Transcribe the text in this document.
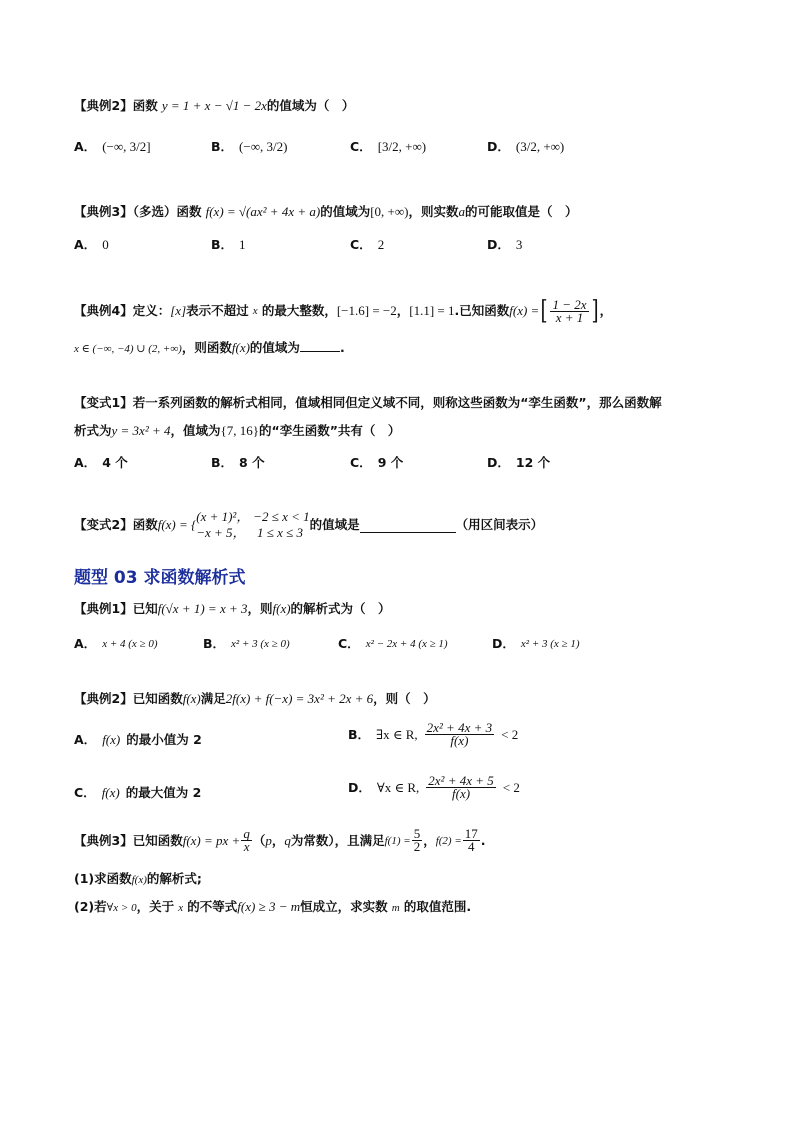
【典例2】函数 y = 1 + x − √1 − 2x的值域为（　）
A． (−∞, 3/2]	B． (−∞, 3/2)	C． [3/2, +∞)	D． (3/2, +∞)
【典例3】（多选）函数 f(x) = √(ax² + 4x + a)的值域为[0, +∞)，则实数a的可能取值是（　）
A． 0	B． 1	C． 2	D． 3
【典例4】 定义： [x] 表示不超过
x
的最大整数， [−1.6] = −2 ， [1.1] = 1 .已知函数 f(x) = [ $\frac{1 - 2x}{x + 1}$ ] ，
x ∈ (−∞, −4) ∪ (2, +∞)，则函数f(x)的值域为	.
【变式1】若一系列函数的解析式相同，值域相同但定义域不同，则称这些函数为“孪生函数”，那么函数解
析式为y = 3x² + 4，值域为{7, 16}的“孪生函数”共有（　）
A． 4 个	B． 8 个	C． 9 个	D． 12 个
【变式2】 函数 f(x) = {
(x + 1)²， −2 ≤ x < 1
−x + 5， 1 ≤ x ≤ 3
的值域是	（用区间表示）
题型 03 求函数解析式
【典例1】已知f(√x + 1) = x + 3，则f(x)的解析式为（　）
A． x + 4 (x ≥ 0)	B． x² + 3 (x ≥ 0)	C． x² − 2x + 4 (x ≥ 1)	D． x² + 3 (x ≥ 1)
【典例2】已知函数f(x)满足2f(x) + f(−x) = 3x² + 2x + 6，则（　）
A． f(x) 的最小值为 2	B． ∃x ∈ R, $\frac{\text{2x² + 4x + 3}}{f(x)} < 2$
C． f(x) 的最大值为 2	D． ∀x ∈ R, $\frac{\text{2x² + 4x + 5}}{f(x)} < 2$
【典例3】 已知函数 f(x) = px + $\frac{q}{x}$ （ p ， q 为常数），且满足 $f(1) = \frac{5}{2}$ ， $f(2) = \frac{17}{4}$ .
(1)求函数f(x)的解析式;
(2)若∀x > 0，关于 x 的不等式f(x) ≥ 3 − m恒成立，求实数 m 的取值范围.
